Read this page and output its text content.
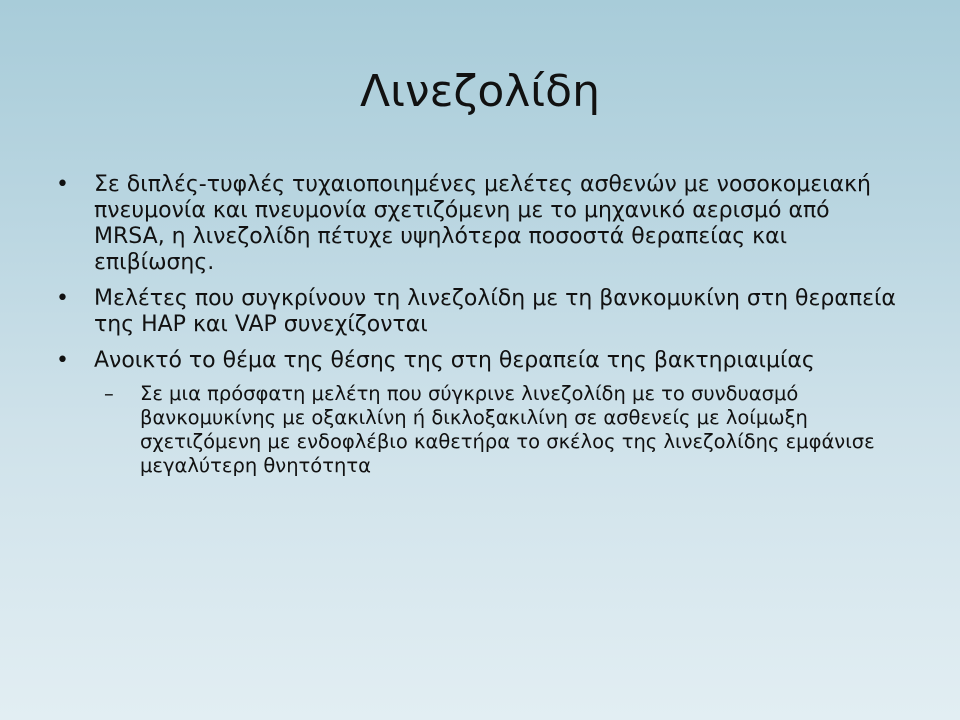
Λινεζολίδη
•	Σε διπλές-τυφλές τυχαιοποιημένες μελέτες ασθενών με νοσοκομειακή πνευμονία και πνευμονία σχετιζόμενη με το μηχανικό αερισμό από MRSA, η λινεζολίδη πέτυχε υψηλότερα ποσοστά θεραπείας και επιβίωσης.
•	Μελέτες που συγκρίνουν τη λινεζολίδη με τη βανκομυκίνη στη θεραπεία της HAP και VAP συνεχίζονται
•	Ανοικτό το θέμα της θέσης της στη θεραπεία της βακτηριαιμίας
– Σε μια πρόσφατη μελέτη που σύγκρινε λινεζολίδη με το συνδυασμό βανκομυκίνης με οξακιλίνη ή δικλοξακιλίνη σε ασθενείς με λοίμωξη σχετιζόμενη με ενδοφλέβιο καθετήρα το σκέλος της λινεζολίδης εμφάνισε μεγαλύτερη θνητότητα
